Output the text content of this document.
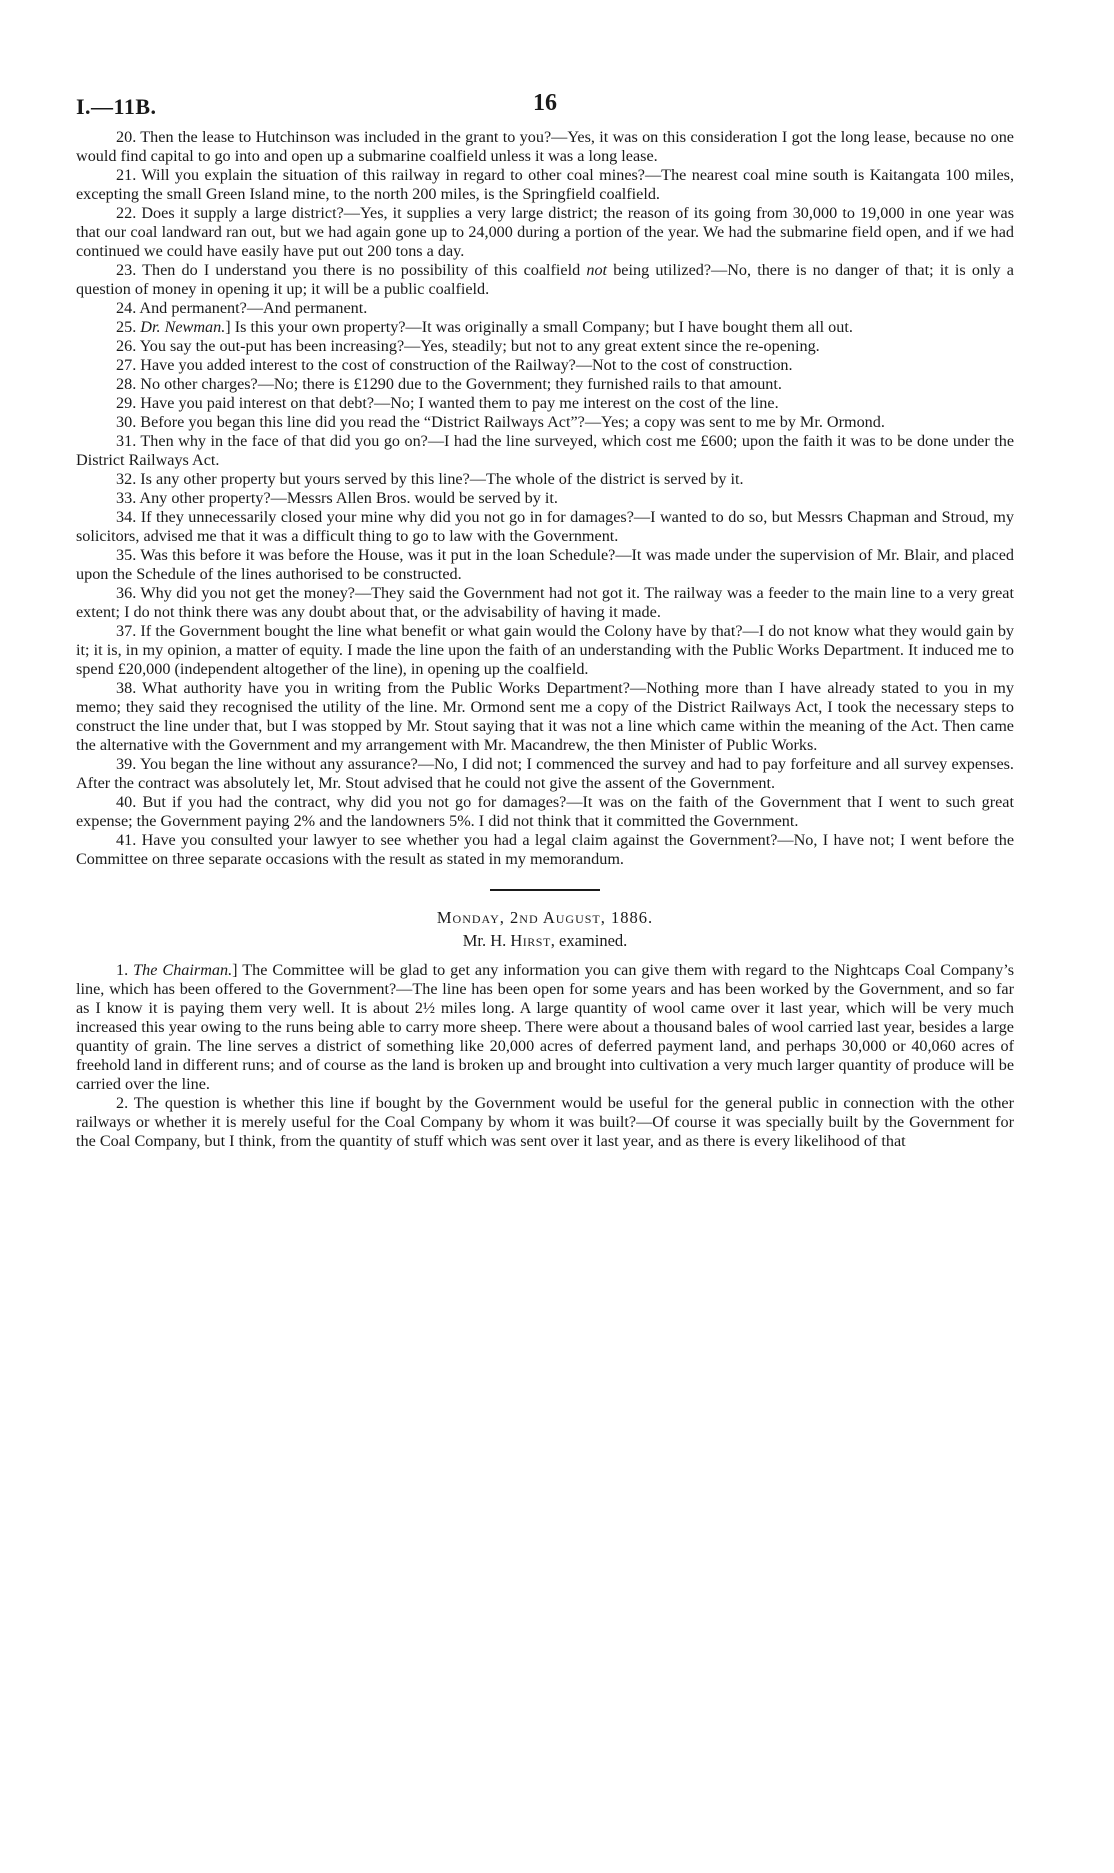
I.—11B.	16

20. Then the lease to Hutchinson was included in the grant to you?—Yes, it was on this consideration I got the long lease, because no one would find capital to go into and open up a submarine coalfield unless it was a long lease.

21. Will you explain the situation of this railway in regard to other coal mines?—The nearest coal mine south is Kaitangata 100 miles, excepting the small Green Island mine, to the north 200 miles, is the Springfield coalfield.

22. Does it supply a large district?—Yes, it supplies a very large district; the reason of its going from 30,000 to 19,000 in one year was that our coal landward ran out, but we had again gone up to 24,000 during a portion of the year. We had the submarine field open, and if we had continued we could have easily have put out 200 tons a day.

23. Then do I understand you there is no possibility of this coalfield not being utilized?—No, there is no danger of that; it is only a question of money in opening it up; it will be a public coalfield.

24. And permanent?—And permanent.

25. Dr. Newman.] Is this your own property?—It was originally a small Company; but I have bought them all out.

26. You say the out-put has been increasing?—Yes, steadily; but not to any great extent since the re-opening.

27. Have you added interest to the cost of construction of the Railway?—Not to the cost of construction.

28. No other charges?—No; there is £1290 due to the Government; they furnished rails to that amount.

29. Have you paid interest on that debt?—No; I wanted them to pay me interest on the cost of the line.

30. Before you began this line did you read the “District Railways Act”?—Yes; a copy was sent to me by Mr. Ormond.

31. Then why in the face of that did you go on?—I had the line surveyed, which cost me £600; upon the faith it was to be done under the District Railways Act.

32. Is any other property but yours served by this line?—The whole of the district is served by it.

33. Any other property?—Messrs Allen Bros. would be served by it.

34. If they unnecessarily closed your mine why did you not go in for damages?—I wanted to do so, but Messrs Chapman and Stroud, my solicitors, advised me that it was a difficult thing to go to law with the Government.

35. Was this before it was before the House, was it put in the loan Schedule?—It was made under the supervision of Mr. Blair, and placed upon the Schedule of the lines authorised to be constructed.

36. Why did you not get the money?—They said the Government had not got it. The railway was a feeder to the main line to a very great extent; I do not think there was any doubt about that, or the advisability of having it made.

37. If the Government bought the line what benefit or what gain would the Colony have by that?—I do not know what they would gain by it; it is, in my opinion, a matter of equity. I made the line upon the faith of an understanding with the Public Works Department. It induced me to spend £20,000 (independent altogether of the line), in opening up the coalfield.

38. What authority have you in writing from the Public Works Department?—Nothing more than I have already stated to you in my memo; they said they recognised the utility of the line. Mr. Ormond sent me a copy of the District Railways Act, I took the necessary steps to construct the line under that, but I was stopped by Mr. Stout saying that it was not a line which came within the meaning of the Act. Then came the alternative with the Government and my arrangement with Mr. Macandrew, the then Minister of Public Works.

39. You began the line without any assurance?—No, I did not; I commenced the survey and had to pay forfeiture and all survey expenses. After the contract was absolutely let, Mr. Stout advised that he could not give the assent of the Government.

40. But if you had the contract, why did you not go for damages?—It was on the faith of the Government that I went to such great expense; the Government paying 2% and the landowners 5%. I did not think that it committed the Government.

41. Have you consulted your lawyer to see whether you had a legal claim against the Government?—No, I have not; I went before the Committee on three separate occasions with the result as stated in my memorandum.

Monday, 2nd August, 1886.
Mr. H. Hirst, examined.

1. The Chairman.] The Committee will be glad to get any information you can give them with regard to the Nightcaps Coal Company’s line, which has been offered to the Government?—The line has been open for some years and has been worked by the Government, and so far as I know it is paying them very well. It is about 2½ miles long. A large quantity of wool came over it last year, which will be very much increased this year owing to the runs being able to carry more sheep. There were about a thousand bales of wool carried last year, besides a large quantity of grain. The line serves a district of something like 20,000 acres of deferred payment land, and perhaps 30,000 or 40,060 acres of freehold land in different runs; and of course as the land is broken up and brought into cultivation a very much larger quantity of produce will be carried over the line.

2. The question is whether this line if bought by the Government would be useful for the general public in connection with the other railways or whether it is merely useful for the Coal Company by whom it was built?—Of course it was specially built by the Government for the Coal Company, but I think, from the quantity of stuff which was sent over it last year, and as there is every likelihood of that
